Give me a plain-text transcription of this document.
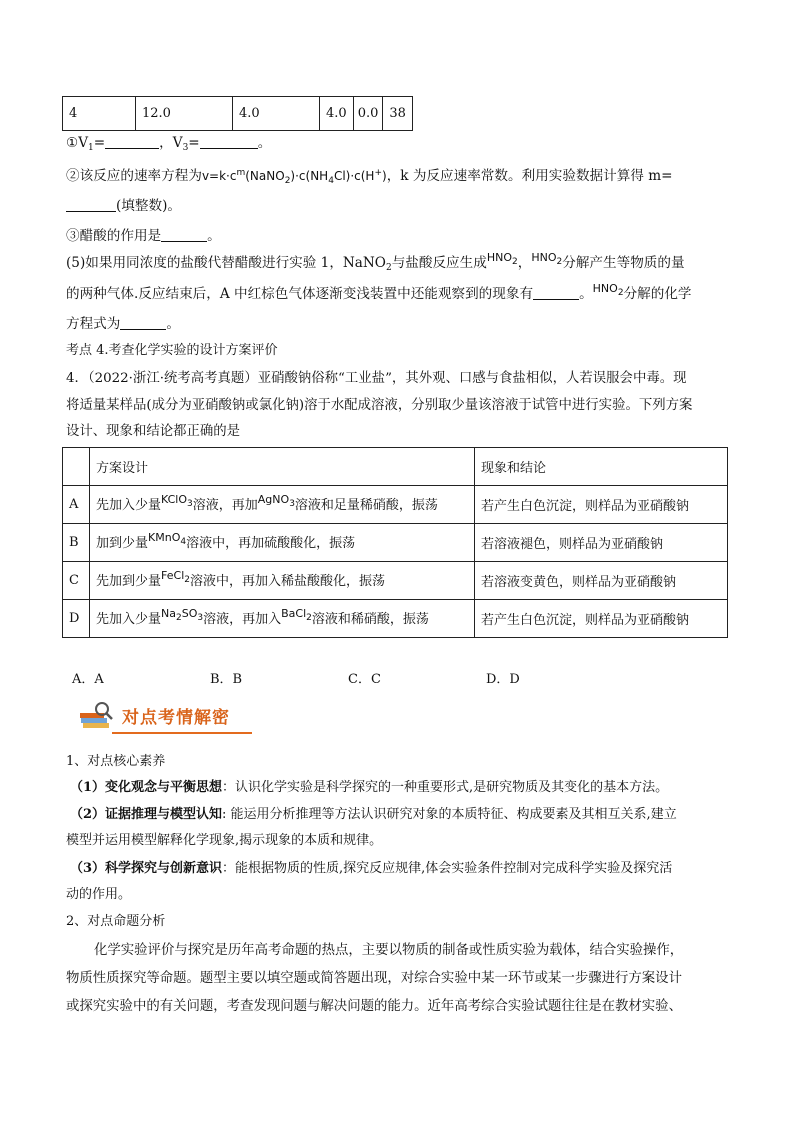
4	12.0	4.0	4.0	0.0	38
$①V_1=$	，$V_3=$	。
②该反应的速率方程为$v=k\cdot c^m(NaNO_2)\cdot c(NH_4Cl)\cdot c(H^+)$，k 为反应速率常数。利用实验数据计算得 m=
(填整数)。
③醋酸的作用是	。
(5)如果用同浓度的盐酸代替醋酸进行实验 1，NaNO$_2$与盐酸反应生成$^{HNO_2}$，$^{HNO_2}$分解产生等物质的量
的两种气体.反应结束后，A 中红棕色气体逐渐变浅装置中还能观察到的现象有	。$^{HNO_2}$分解的化学
方程式为	。
考点 4.考查化学实验的设计方案评价
4．（2022·浙江·统考高考真题）亚硝酸钠俗称“工业盐”，其外观、口感与食盐相似，人若误服会中毒。现
将适量某样品(成分为亚硝酸钠或氯化钠)溶于水配成溶液，分别取少量该溶液于试管中进行实验。下列方案
设计、现象和结论都正确的是
	方案设计	现象和结论
A	先加入少量$^{KClO_3}$溶液，再加$^{AgNO_3}$溶液和足量稀硝酸，振荡	若产生白色沉淀，则样品为亚硝酸钠
B	加到少量$^{KMnO_4}$溶液中，再加硫酸酸化，振荡	若溶液褪色，则样品为亚硝酸钠
C	先加到少量$^{FeCl_2}$溶液中，再加入稀盐酸酸化，振荡	若溶液变黄色，则样品为亚硝酸钠
D	先加入少量$^{Na_2SO_3}$溶液，再加入$^{BaCl_2}$溶液和稀硝酸，振荡	若产生白色沉淀，则样品为亚硝酸钠
A．A	B．B	C．C	D．D
对点考情解密
1、对点核心素养
（1）变化观念与平衡思想：认识化学实验是科学探究的一种重要形式,是研究物质及其变化的基本方法。
（2）证据推理与模型认知: 能运用分析推理等方法认识研究对象的本质特征、构成要素及其相互关系,建立
模型并运用模型解释化学现象,揭示现象的本质和规律。
（3）科学探究与创新意识：能根据物质的性质,探究反应规律,体会实验条件控制对完成科学实验及探究活
动的作用。
2、对点命题分析
化学实验评价与探究是历年高考命题的热点，主要以物质的制备或性质实验为载体，结合实验操作，
物质性质探究等命题。题型主要以填空题或简答题出现，对综合实验中某一环节或某一步骤进行方案设计
或探究实验中的有关问题，考查发现问题与解决问题的能力。近年高考综合实验试题往往是在教材实验、
